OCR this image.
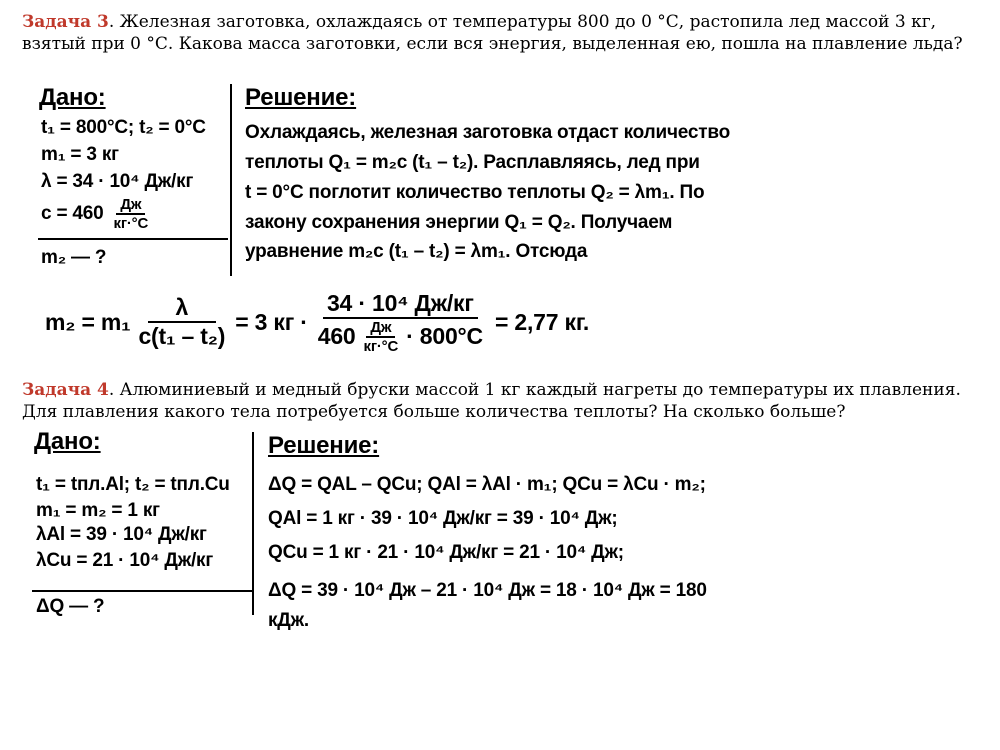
Задача 3. Железная заготовка, охлаждаясь от температуры 800 до 0 °С, растопила лед массой 3 кг, взятый при 0 °С. Какова масса заготовки, если вся энергия, выделенная ею, пошла на плавление льда?
Дано:
t₁ = 800°С; t₂ = 0°С
m₁ = 3 кг
λ = 34 · 10⁴ Дж/кг
$с = 460 \frac{Дж}{кг\cdot^\circ С}$
m₂ — ?
Решение:
Охлаждаясь, железная заготовка отдаст количество
теплоты Q₁ = m₂c (t₁ – t₂). Расплавляясь, лед при
t = 0°С поглотит количество теплоты Q₂ = λm₁. По
закону сохранения энергии Q₁ = Q₂. Получаем
уравнение m₂c (t₁ – t₂) = λm₁. Отсюда
$m_2 = m_1 \frac{\lambda}{\text{c(t₁ – t₂)}} = 3$ кг · $\frac{\text{34 · 10⁴ Дж/кг}}{460 \frac{Дж}{кг\cdot^\circ С} \cdot 800^\circ С} = 2,77$ кг.
Задача 4. Алюминиевый и медный бруски массой 1 кг каждый нагреты до температуры их плавления. Для плавления какого тела потребуется больше количества теплоты? На сколько больше?
Дано:
t₁ = tпл.Al; t₂ = tпл.Cu
m₁ = m₂ = 1 кг
λAl = 39 · 10⁴ Дж/кг
λCu = 21 · 10⁴ Дж/кг
ΔQ — ?
Решение:
ΔQ = QAL – QCu; QAl = λAl · m₁; QCu = λCu · m₂;
QAl = 1 кг · 39 · 10⁴ Дж/кг = 39 · 10⁴ Дж;
QCu = 1 кг · 21 · 10⁴ Дж/кг = 21 · 10⁴ Дж;
ΔQ = 39 · 10⁴ Дж – 21 · 10⁴ Дж = 18 · 10⁴ Дж = 180
кДж.
